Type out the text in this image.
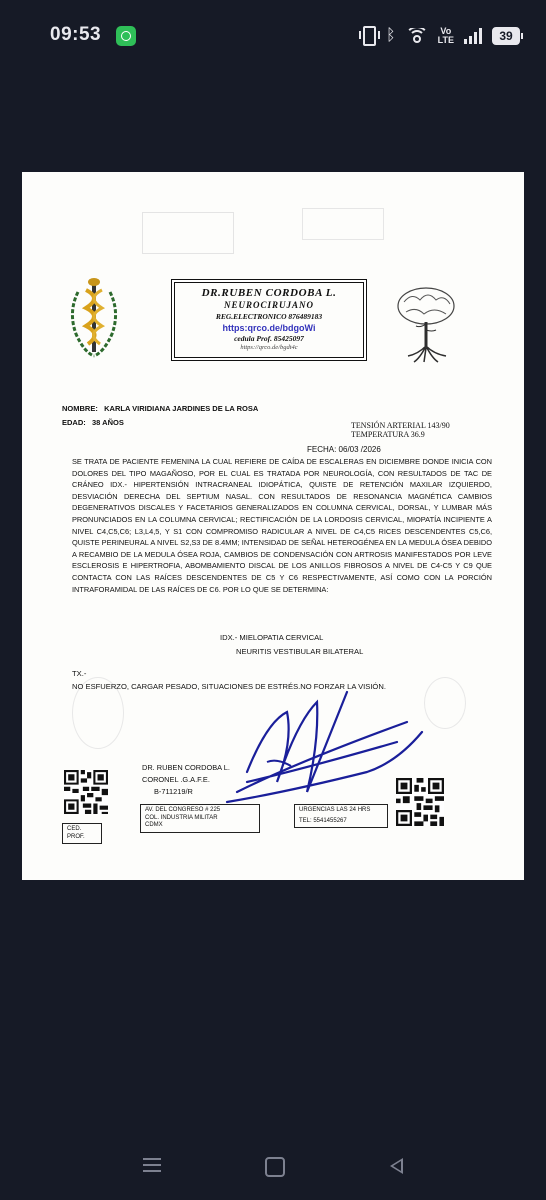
09:53	ᛒ	Vo
LTE	39
DR.RUBEN CORDOBA L.
NEUROCIRUJANO
REG.ELECTRONICO 876489183
https:qrco.de/bdgoWi
cedula Prof. 85425097
https://qrco.de/bgdt4c
NOMBRE: KARLA VIRIDIANA JARDINES DE LA ROSA
EDAD: 38 AÑOS	TENSIÓN ARTERIAL 143/90
TEMPERATURA 36.9
FECHA: 06/03 /2026
SE TRATA DE PACIENTE FEMENINA LA CUAL REFIERE DE CAÍDA DE ESCALERAS EN DICIEMBRE DONDE INICIA CON DOLORES DEL TIPO MAGAÑOSO, POR EL CUAL ES TRATADA POR NEUROLOGÍA, CON RESULTADOS DE TAC DE CRÁNEO IDX.- HIPERTENSIÓN INTRACRANEAL IDIOPÁTICA, QUISTE DE RETENCIÓN MAXILAR IZQUIERDO, DESVIACIÓN DERECHA DEL SEPTIUM NASAL. CON RESULTADOS DE RESONANCIA MAGNÉTICA CAMBIOS DEGENERATIVOS DISCALES Y FACETARIOS GENERALIZADOS EN COLUMNA CERVICAL, DORSAL, Y LUMBAR MÁS PRONUNCIADOS EN LA COLUMNA CERVICAL; RECTIFICACIÓN DE LA LORDOSIS CERVICAL, MIOPATÍA INCIPIENTE A NIVEL C4,C5,C6; L3,L4,5, Y S1 CON COMPROMISO RADICULAR A NIVEL DE C4,C5 RICES DESCENDENTES C5,C6, QUISTE PERINEURAL A NIVEL S2,S3 DE 8.4MM; INTENSIDAD DE SEÑAL HETEROGÉNEA EN LA MEDULA ÓSEA DEBIDO A RECAMBIO DE LA MEDULA ÓSEA ROJA, CAMBIOS DE CONDENSACIÓN CON ARTROSIS MANIFESTADOS POR LEVE ESCLEROSIS E HIPERTROFIA, ABOMBAMIENTO DISCAL DE LOS ANILLOS FIBROSOS A NIVEL DE C4-C5 Y C9 QUE CONTACTA CON LAS RAÍCES DESCENDENTES DE C5 Y C6 RESPECTIVAMENTE, ASÍ COMO CON LA PORCIÓN INTRAFORAMIDAL DE LAS RAÍCES DE C6. POR LO QUE SE DETERMINA:
IDX.- MIELOPATIA CERVICAL
NEURITIS VESTIBULAR BILATERAL
TX.-
NO ESFUERZO, CARGAR PESADO, SITUACIONES DE ESTRÉS.NO FORZAR LA VISIÓN.
DR. RUBEN CORDOBA L.
CORONEL .G.A.F.E.
B-711219/R
CED. PROF.
AV. DEL CONGRESO # 225
COL. INDUSTRIA MILITAR
CDMX
URGENCIAS LAS 24 HRS
TEL: 5541455267
